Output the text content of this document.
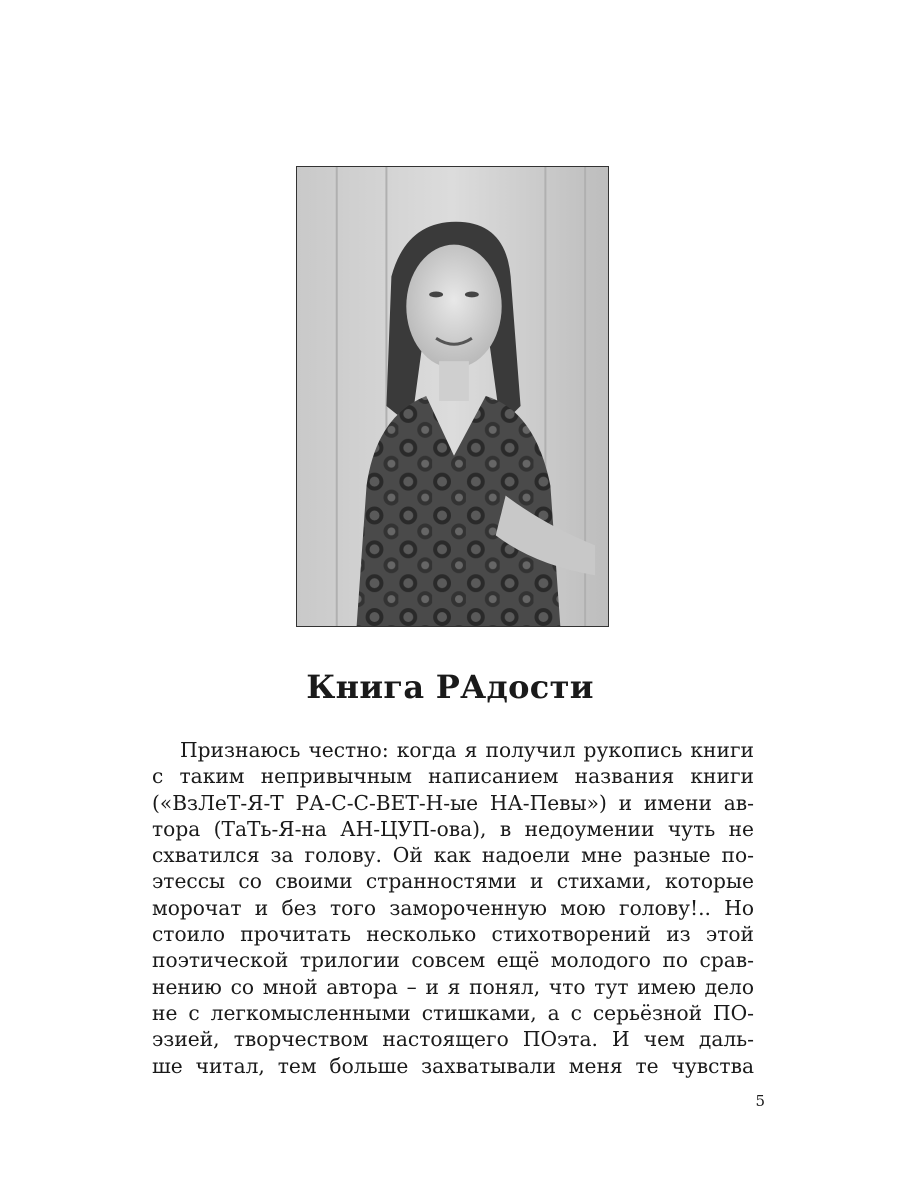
Книга РАдости
Признаюсь честно: когда я получил рукопись книги
с таким непривычным написанием названия книги
(«ВзЛеТ-Я-Т РА-С-С-ВЕТ-Н-ые НА-Певы») и имени ав-
тора (ТаТь-Я-на АН-ЦУП-ова), в недоумении чуть не
схватился за голову. Ой как надоели мне разные по-
этессы со своими странностями и стихами, которые
морочат и без того замороченную мою голову!.. Но
стоило прочитать несколько стихотворений из этой
поэтической трилогии совсем ещё молодого по срав-
нению со мной автора – и я понял, что тут имею дело
не с легкомысленными стишками, а с серьёзной ПО-
эзией, творчеством настоящего ПОэта. И чем даль-
ше читал, тем больше захватывали меня те чувства
5
